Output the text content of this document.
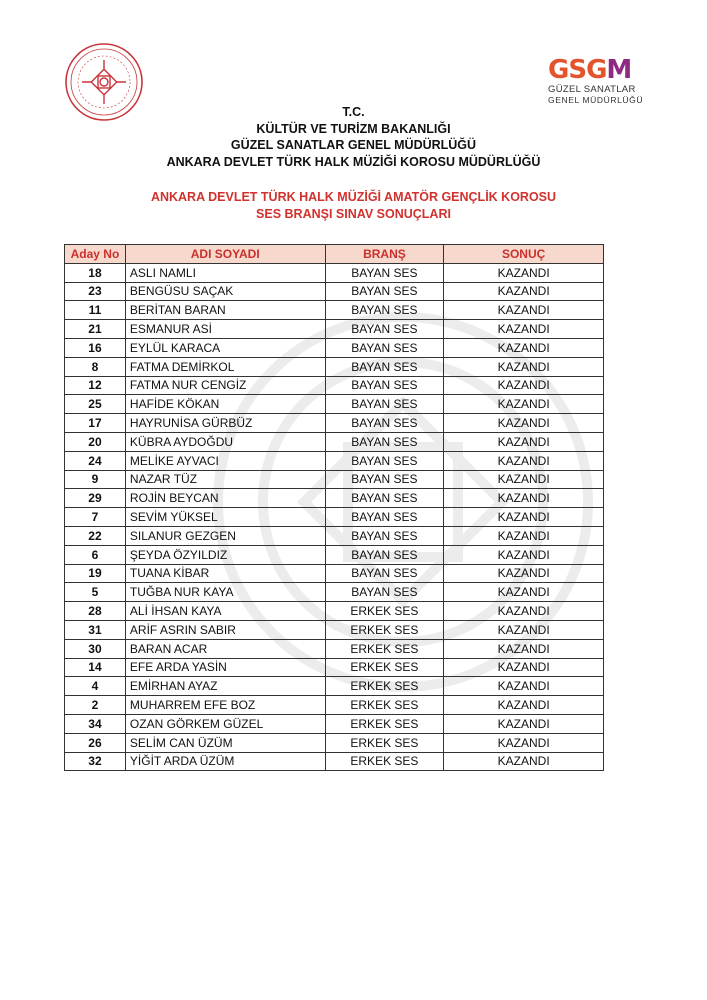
GSGM
GÜZEL SANATLAR
GENEL MÜDÜRLÜĞÜ
T.C.
KÜLTÜR VE TURİZM BAKANLIĞI
GÜZEL SANATLAR GENEL MÜDÜRLÜĞÜ
ANKARA DEVLET TÜRK HALK MÜZİĞİ KOROSU MÜDÜRLÜĞÜ
ANKARA DEVLET TÜRK HALK MÜZİĞİ AMATÖR GENÇLİK KOROSU
SES BRANŞI SINAV SONUÇLARI
Aday No	ADI SOYADI	BRANŞ	SONUÇ
18	ASLI NAMLI	BAYAN SES	KAZANDI
23	BENGÜSU SAÇAK	BAYAN SES	KAZANDI
11	BERİTAN BARAN	BAYAN SES	KAZANDI
21	ESMANUR ASİ	BAYAN SES	KAZANDI
16	EYLÜL KARACA	BAYAN SES	KAZANDI
8	FATMA DEMİRKOL	BAYAN SES	KAZANDI
12	FATMA NUR CENGİZ	BAYAN SES	KAZANDI
25	HAFİDE KÖKAN	BAYAN SES	KAZANDI
17	HAYRUNİSA GÜRBÜZ	BAYAN SES	KAZANDI
20	KÜBRA AYDOĞDU	BAYAN SES	KAZANDI
24	MELİKE AYVACI	BAYAN SES	KAZANDI
9	NAZAR TÜZ	BAYAN SES	KAZANDI
29	ROJİN BEYCAN	BAYAN SES	KAZANDI
7	SEVİM YÜKSEL	BAYAN SES	KAZANDI
22	SILANUR GEZGEN	BAYAN SES	KAZANDI
6	ŞEYDA ÖZYILDIZ	BAYAN SES	KAZANDI
19	TUANA KİBAR	BAYAN SES	KAZANDI
5	TUĞBA NUR KAYA	BAYAN SES	KAZANDI
28	ALİ İHSAN KAYA	ERKEK SES	KAZANDI
31	ARİF ASRIN SABIR	ERKEK SES	KAZANDI
30	BARAN ACAR	ERKEK SES	KAZANDI
14	EFE ARDA YASİN	ERKEK SES	KAZANDI
4	EMİRHAN AYAZ	ERKEK SES	KAZANDI
2	MUHARREM EFE BOZ	ERKEK SES	KAZANDI
34	OZAN GÖRKEM GÜZEL	ERKEK SES	KAZANDI
26	SELİM CAN ÜZÜM	ERKEK SES	KAZANDI
32	YİĞİT ARDA ÜZÜM	ERKEK SES	KAZANDI
